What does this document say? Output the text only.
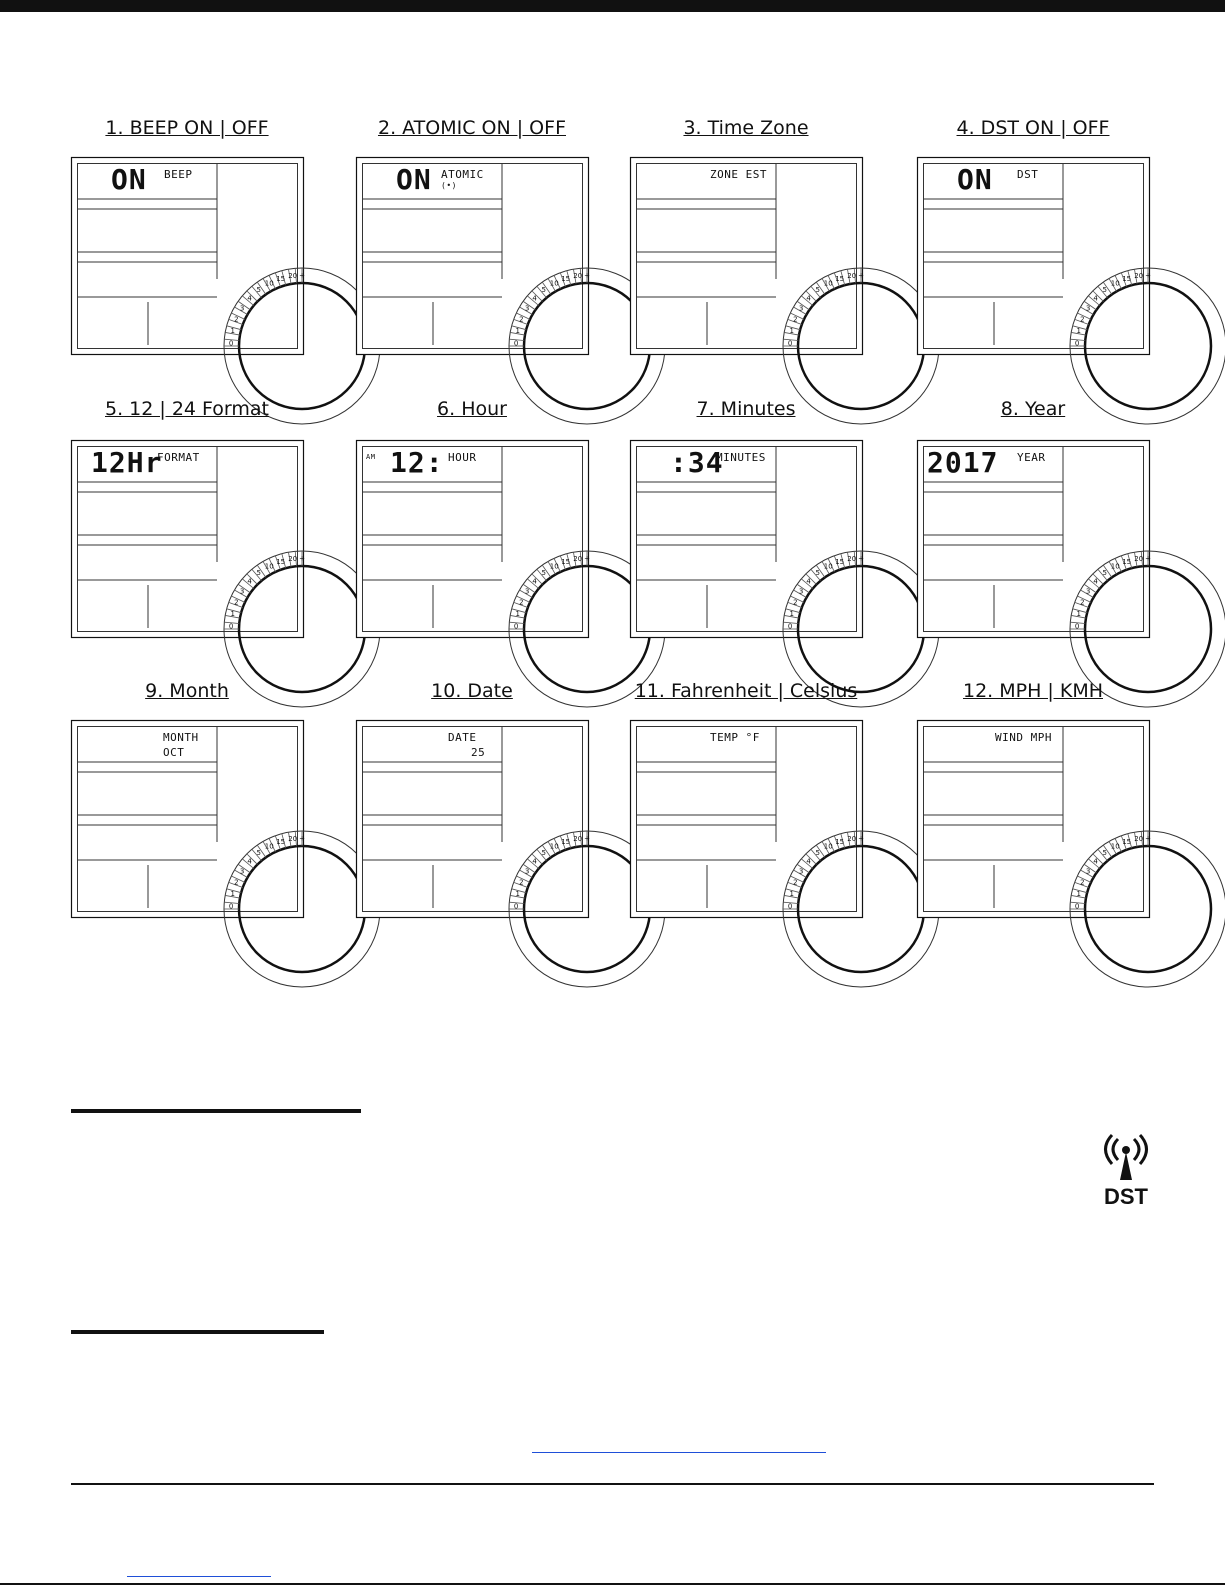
1. BEEP ON | OFF
0
1
2
3
4
5
10
15 20 +
ON BEEP
2. ATOMIC ON | OFF
0
1
2
3
4
5
10
15 20 +
ON ATOMIC
(•)
3. Time Zone
0
1
2
3
4
5
10
15 20 +
ZONE EST
4. DST ON | OFF
0
1
2
3
4
5
10
15 20 +
ON DST
5. 12 | 24 Format
0
1
2
3
4
5
10
15 20 +
12Hr
FORMAT
6. Hour
0
1
2
3
4
5
10
15 20 +
12:
AM	HOUR
7. Minutes
0
1
2
3
4
5
10
15 20 +
:34
MINUTES
8. Year
0
1
2
3
4
5
10
15 20 +
2017 YEAR
9. Month
0
1
2
3
4
5
10
15 20 +
MONTH
OCT
10. Date
0
1
2
3
4
5
10
15 20 +
DATE
25
11. Fahrenheit | Celsius
0
1
2
3
4
5
10
15 20 +
TEMP °F
12. MPH | KMH
0
1
2
3
4
5
10
15 20 +
WIND MPH
DST
